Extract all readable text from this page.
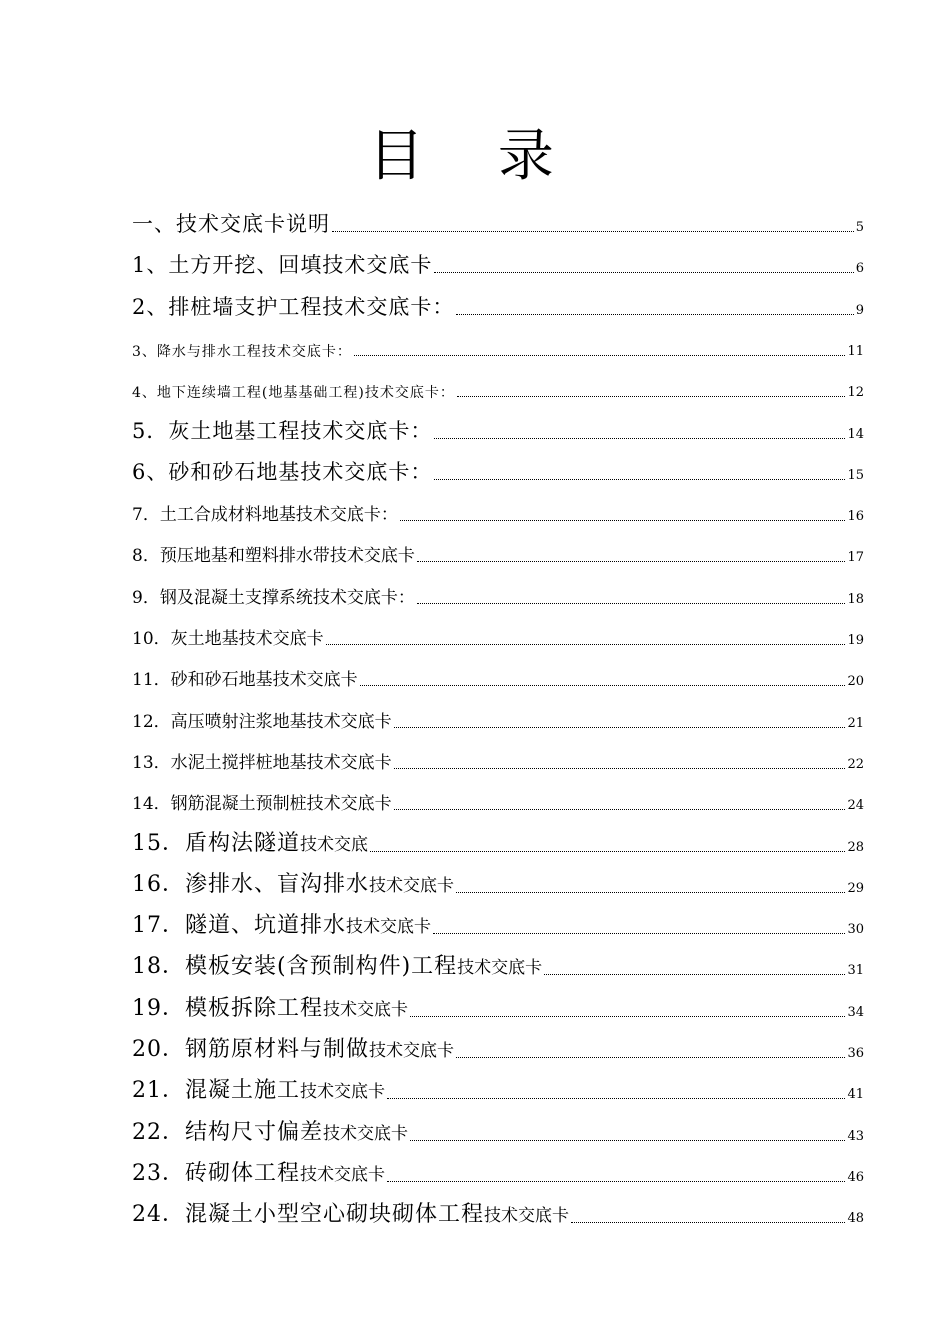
目 录
一、技术交底卡说明	5
1、土方开挖、回填技术交底卡	6
2、排桩墙支护工程技术交底卡：	9
3、降水与排水工程技术交底卡：	11
4、地下连续墙工程(地基基础工程)技术交底卡：	12
5．灰土地基工程技术交底卡：	14
6、砂和砂石地基技术交底卡：	15
7．土工合成材料地基技术交底卡：	16
8．预压地基和塑料排水带技术交底卡	17
9．钢及混凝土支撑系统技术交底卡：	18
10．灰土地基技术交底卡	19
11．砂和砂石地基技术交底卡	20
12．高压喷射注浆地基技术交底卡	21
13．水泥土搅拌桩地基技术交底卡	22
14．钢筋混凝土预制桩技术交底卡	24
15．盾构法隧道技术交底	28
16．渗排水、盲沟排水技术交底卡	29
17．隧道、坑道排水技术交底卡	30
18．模板安装(含预制构件)工程技术交底卡	31
19．模板拆除工程技术交底卡	34
20．钢筋原材料与制做技术交底卡	36
21．混凝土施工技术交底卡	41
22．结构尺寸偏差技术交底卡	43
23．砖砌体工程技术交底卡	46
24．混凝土小型空心砌块砌体工程技术交底卡	48
